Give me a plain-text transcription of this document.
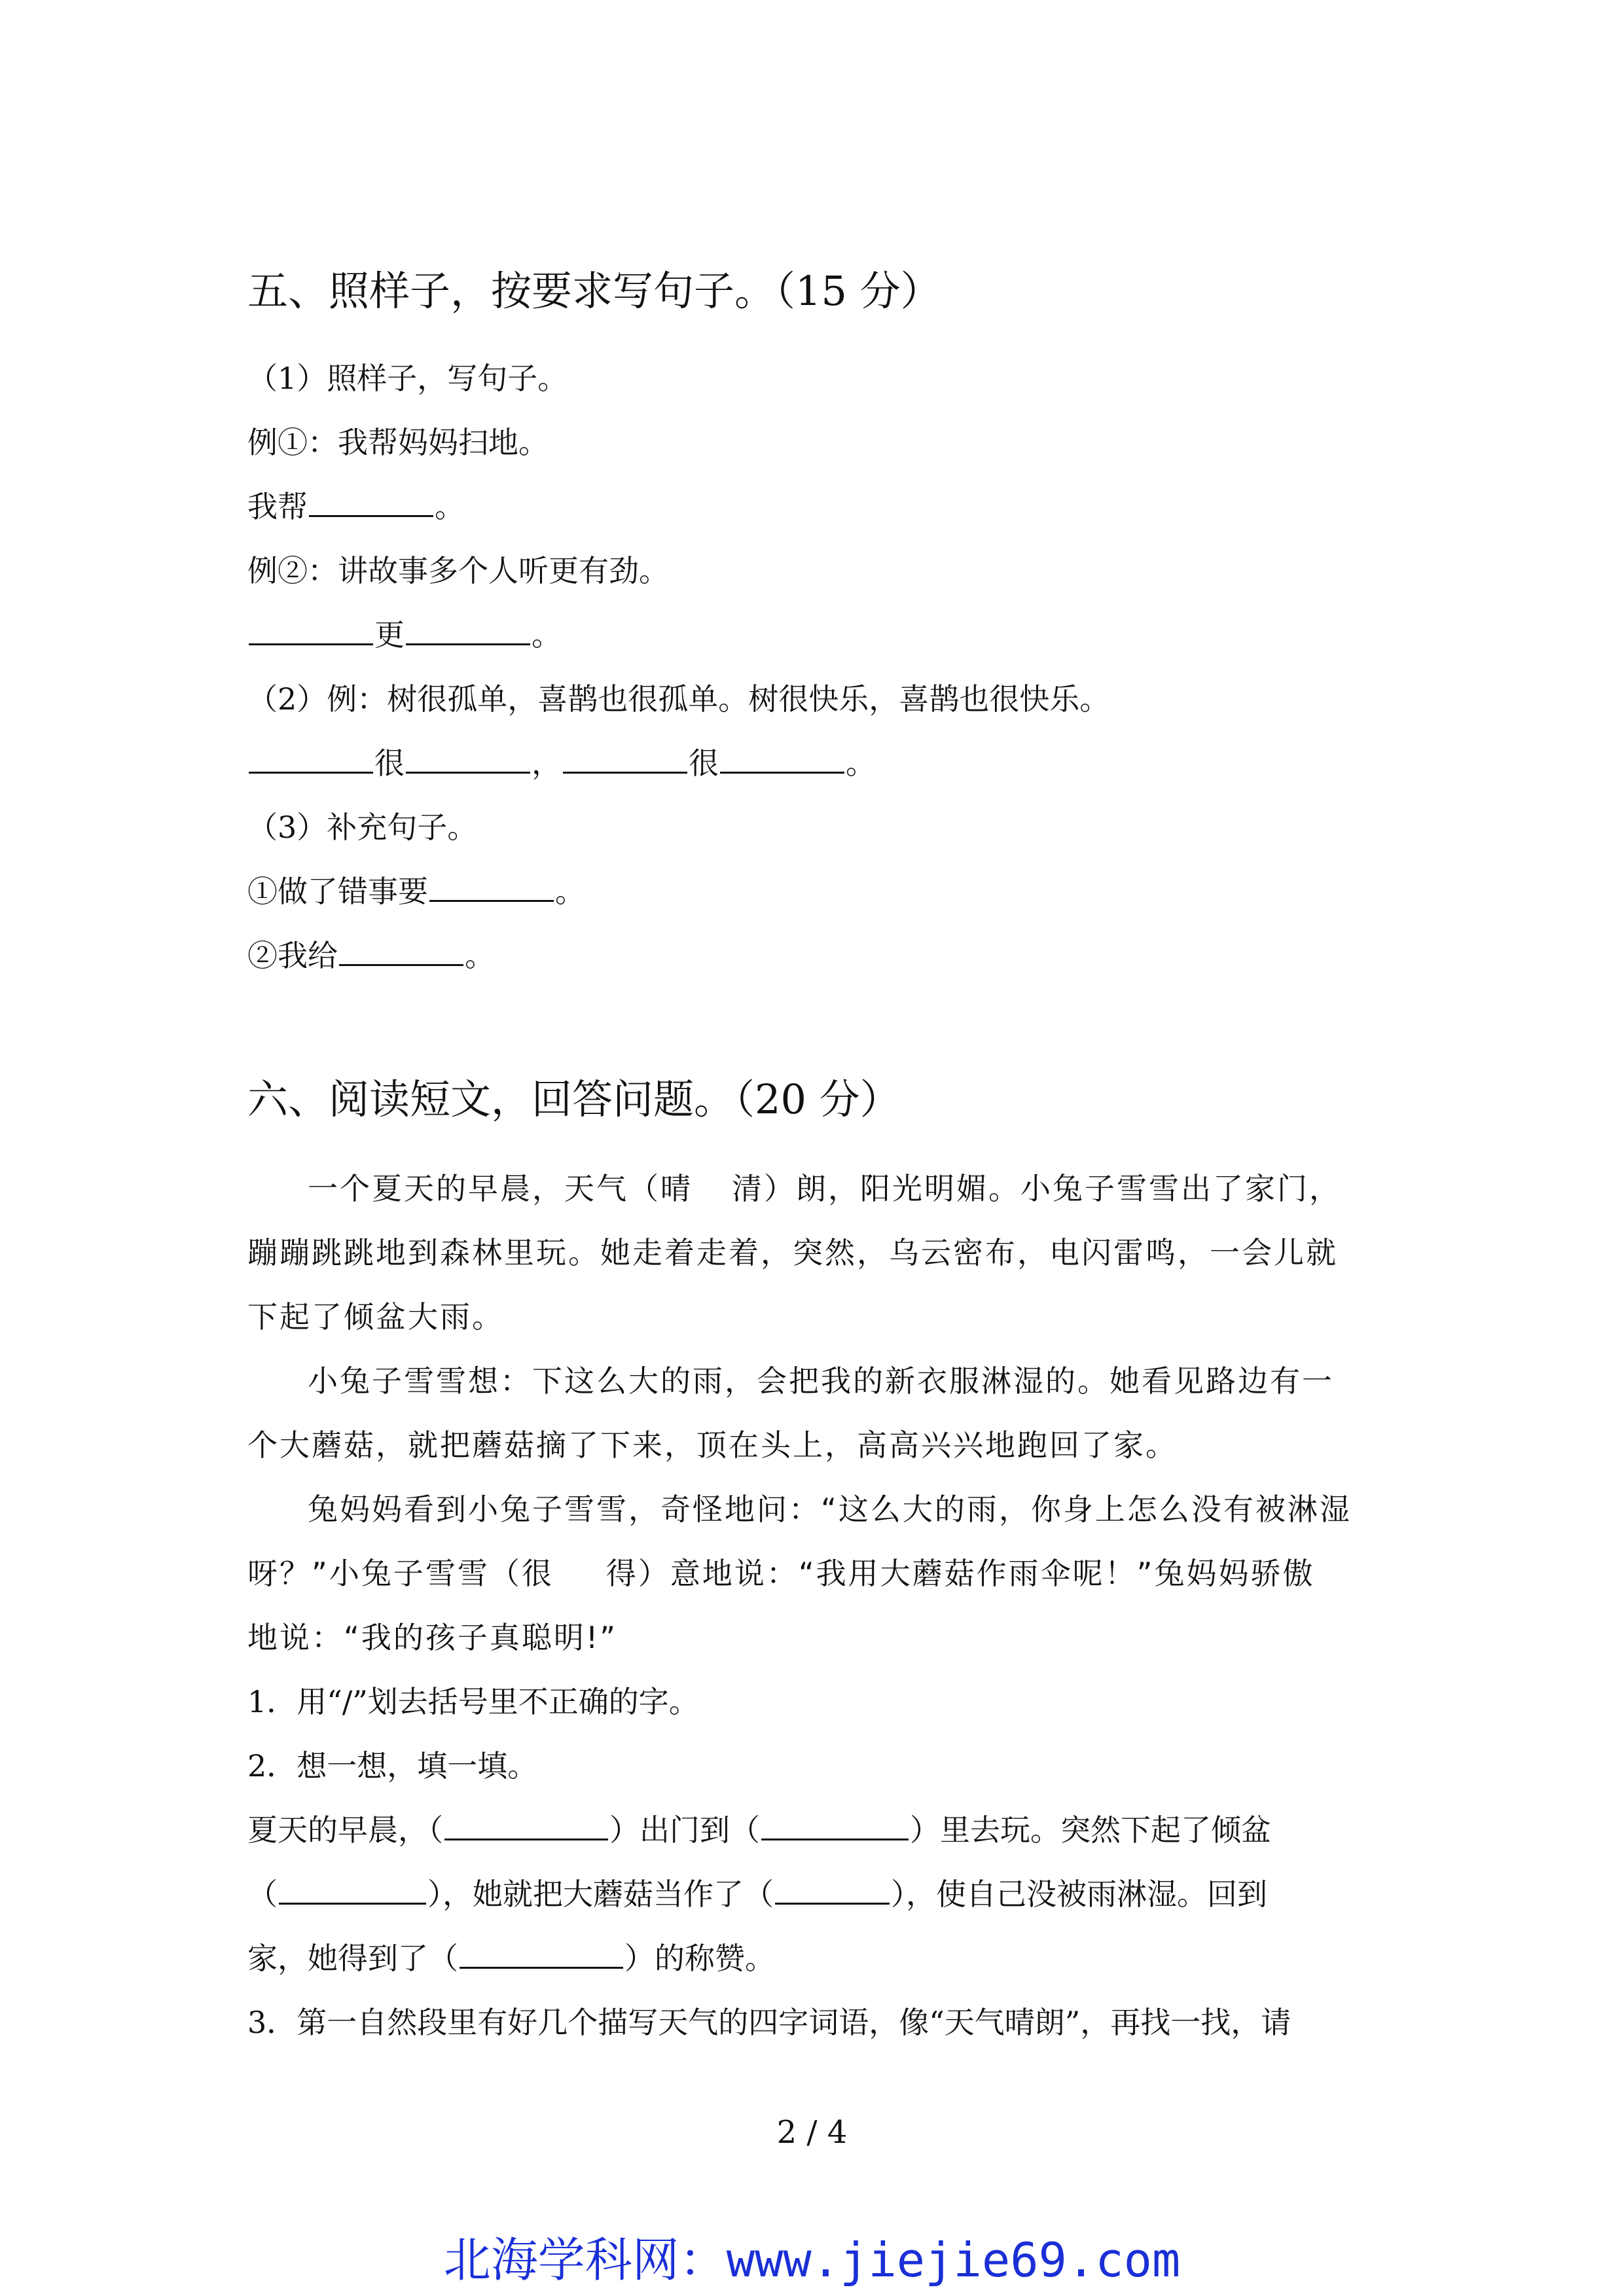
五、照样子，按要求写句子。（15 分）
（1）照样子，写句子。
例①：我帮妈妈扫地。
我帮	。
例②：讲故事多个人听更有劲。
更	。
（2）例：树很孤单，喜鹊也很孤单。树很快乐，喜鹊也很快乐。
很	，	很	。
（3）补充句子。
①做了错事要	。
②我给	。
六、阅读短文，回答问题。（20 分）
一个夏天的早晨，天气（晴 清）朗，阳光明媚。小兔子雪雪出了家门，
蹦蹦跳跳地到森林里玩。她走着走着，突然，乌云密布，电闪雷鸣，一会儿就
下起了倾盆大雨。
小兔子雪雪想：下这么大的雨，会把我的新衣服淋湿的。她看见路边有一
个大蘑菇，就把蘑菇摘了下来，顶在头上，高高兴兴地跑回了家。
兔妈妈看到小兔子雪雪，奇怪地问：“这么大的雨，你身上怎么没有被淋湿
呀？”小兔子雪雪（很 得）意地说：“我用大蘑菇作雨伞呢！”兔妈妈骄傲
地说：“我的孩子真聪明!”
1．用“/”划去括号里不正确的字。
2．想一想，填一填。
夏天的早晨，（	）出门到（	）里去玩。突然下起了倾盆
（	），她就把大蘑菇当作了（	），使自己没被雨淋湿。回到
家，她得到了（	）的称赞。
3．第一自然段里有好几个描写天气的四字词语，像“天气晴朗”，再找一找，请
2 / 4
北海学科网：www.jiejie69.com
